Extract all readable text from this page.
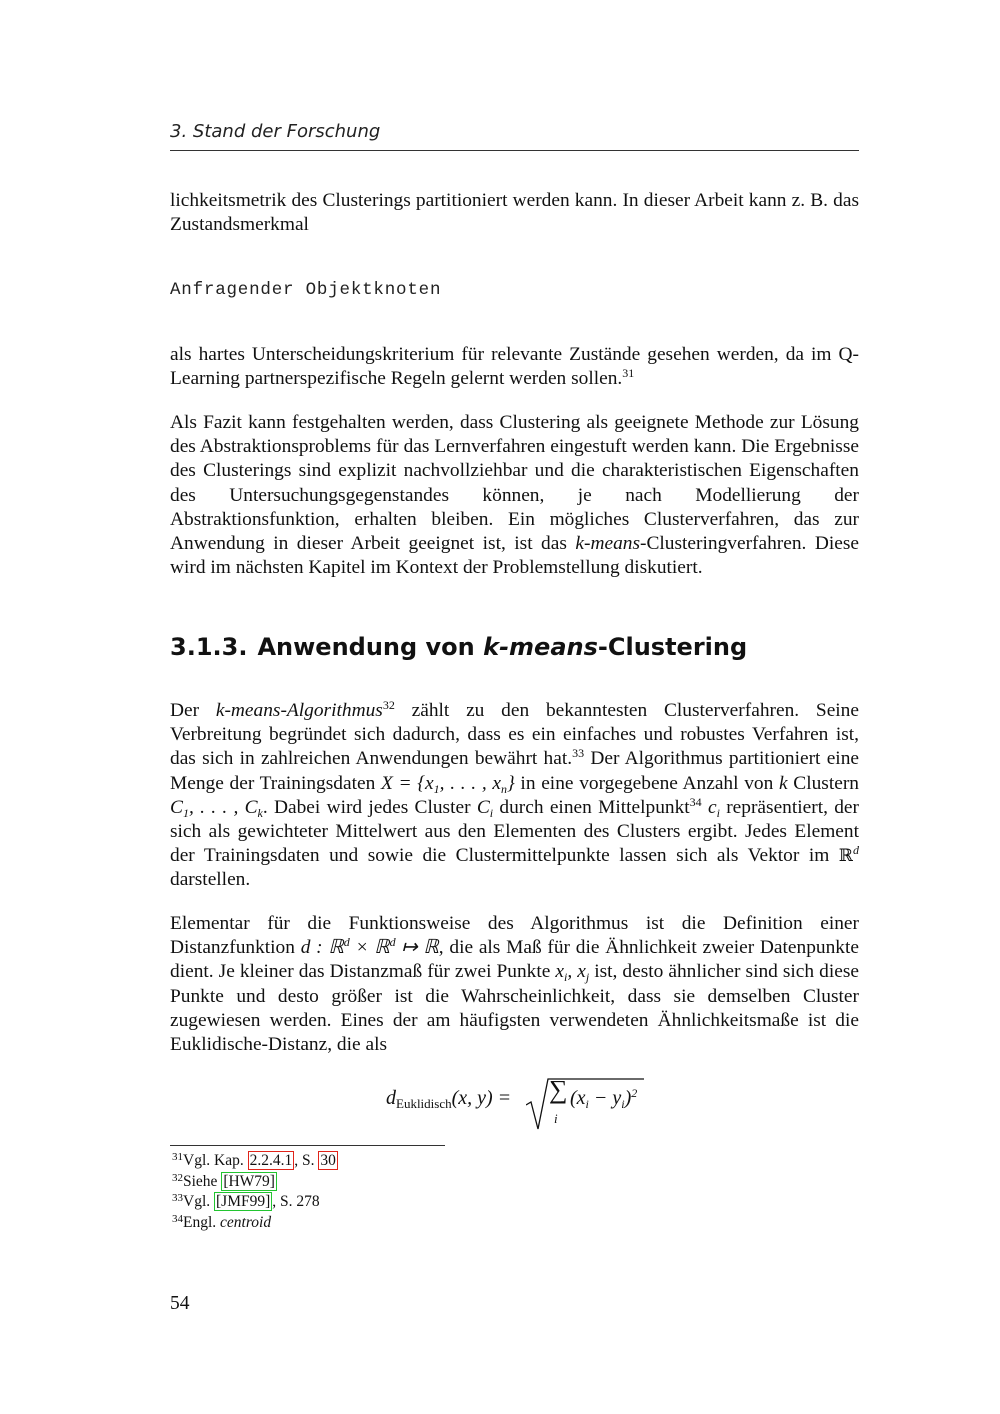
3. Stand der Forschung

lichkeitsmetrik des Clusterings partitioniert werden kann. In dieser Arbeit kann z. B. das Zustandsmerkmal

Anfragender Objektknoten

als hartes Unterscheidungskriterium für relevante Zustände gesehen werden, da im Q-Learning partnerspezifische Regeln gelernt werden sollen.$^{31}$

Als Fazit kann festgehalten werden, dass Clustering als geeignete Methode zur Lösung des Abstraktionsproblems für das Lernverfahren eingestuft werden kann. Die Ergebnisse des Clusterings sind explizit nachvollziehbar und die charakteristischen Eigenschaften des Untersuchungsgegenstandes können, je nach Modellierung der Abstraktionsfunktion, erhalten bleiben. Ein mögliches Clusterverfahren, das zur Anwendung in dieser Arbeit geeignet ist, ist das k-means-Clusteringverfahren. Diese wird im nächsten Kapitel im Kontext der Problemstellung diskutiert.

3.1.3. Anwendung von k-means-Clustering

Der k-means-Algorithmus$^{32}$ zählt zu den bekanntesten Clusterverfahren. Seine Verbreitung begründet sich dadurch, dass es ein einfaches und robustes Verfahren ist, das sich in zahlreichen Anwendungen bewährt hat.$^{33}$ Der Algorithmus partitioniert eine Menge der Trainingsdaten $X = \{x_1$, . . . , $x_n$} in eine vorgegebene Anzahl von k Clustern $C_1$, . . . , $C_k$. Dabei wird jedes Cluster $C_i$ durch einen Mittelpunkt$^{34}$ $c_i$ repräsentiert, der sich als gewichteter Mittelwert aus den Elementen des Clusters ergibt. Jedes Element der Trainingsdaten und sowie die Clustermittelpunkte lassen sich als Vektor im ℝ$^d$ darstellen.

Elementar für die Funktionsweise des Algorithmus ist die Definition einer Distanzfunktion d : ℝ$^d$ × ℝ$^d$ ↦ ℝ, die als Maß für die Ähnlichkeit zweier Datenpunkte dient. Je kleiner das Distanzmaß für zwei Punkte $x_i$, $x_j$ ist, desto ähnlicher sind sich diese Punkte und desto größer ist die Wahrscheinlichkeit, dass sie demselben Cluster zugewiesen werden. Eines der am häufigsten verwendeten Ähnlichkeitsmaße ist die Euklidische-Distanz, die als

$d_{Euklidisch}(x$, y) = ∑
i
$(x_i - y_i)^2$
$^{31}$Vgl. Kap. 2.2.4.1 , S. 30
$^{32}$Siehe [HW79]
$^{33}$Vgl. [JMF99] , S. 278
$^{34}$Engl. centroid
54
